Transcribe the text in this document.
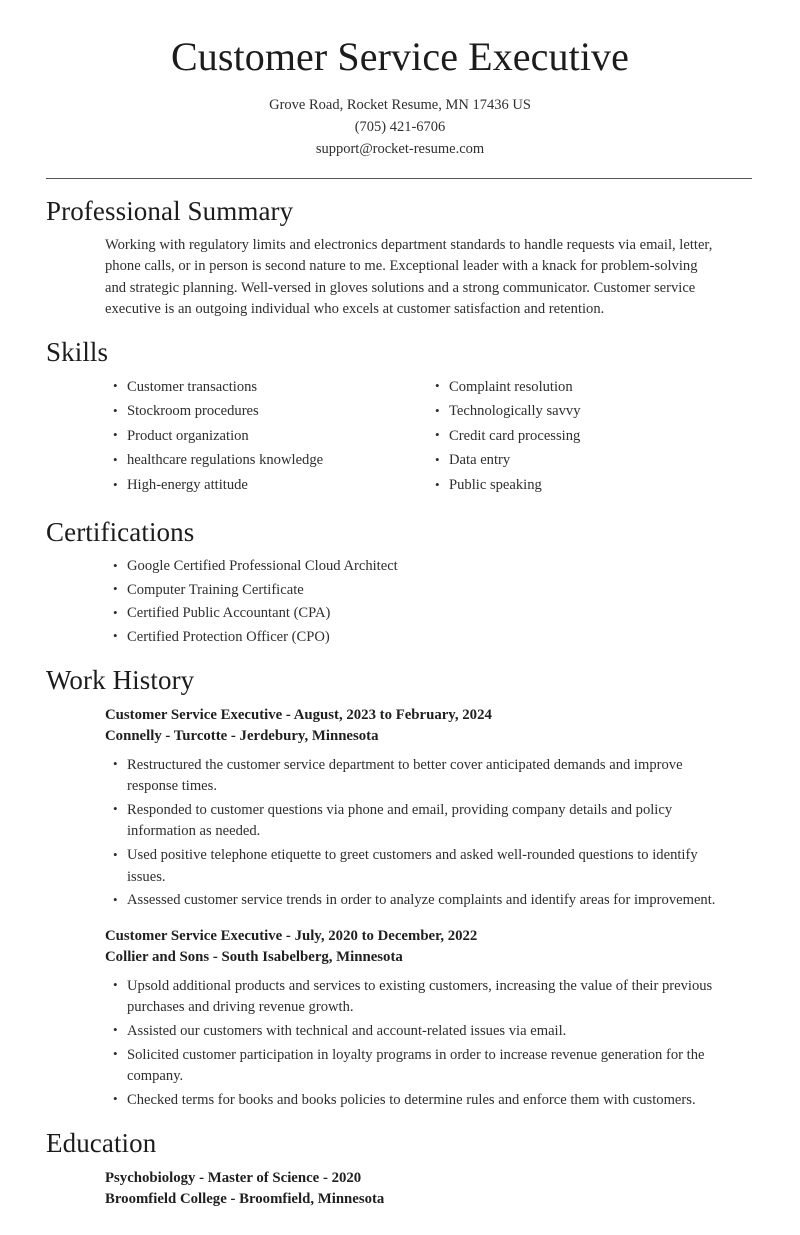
Customer Service Executive

Grove Road, Rocket Resume, MN 17436 US

(705) 421-6706

support@rocket-resume.com

Professional Summary

Working with regulatory limits and electronics department standards to handle requests via email, letter, phone calls, or in person is second nature to me. Exceptional leader with a knack for problem-solving and strategic planning. Well-versed in gloves solutions and a strong communicator. Customer service executive is an outgoing individual who excels at customer satisfaction and retention.

Skills
• Customer transactions
• Stockroom procedures
• Product organization
• healthcare regulations knowledge
• High-energy attitude
• Complaint resolution
• Technologically savvy
• Credit card processing
• Data entry
• Public speaking
Certifications
• Google Certified Professional Cloud Architect
• Computer Training Certificate
• Certified Public Accountant (CPA)
• Certified Protection Officer (CPO)
Work History

Customer Service Executive - August, 2023 to February, 2024

Connelly - Turcotte - Jerdebury, Minnesota

• Restructured the customer service department to better cover anticipated demands and improve response times.
• Responded to customer questions via phone and email, providing company details and policy information as needed.
• Used positive telephone etiquette to greet customers and asked well-rounded questions to identify issues.
• Assessed customer service trends in order to analyze complaints and identify areas for improvement.

Customer Service Executive - July, 2020 to December, 2022

Collier and Sons - South Isabelberg, Minnesota

• Upsold additional products and services to existing customers, increasing the value of their previous purchases and driving revenue growth.
• Assisted our customers with technical and account-related issues via email.
• Solicited customer participation in loyalty programs in order to increase revenue generation for the company.
• Checked terms for books and books policies to determine rules and enforce them with customers.
Education

Psychobiology - Master of Science - 2020

Broomfield College - Broomfield, Minnesota
